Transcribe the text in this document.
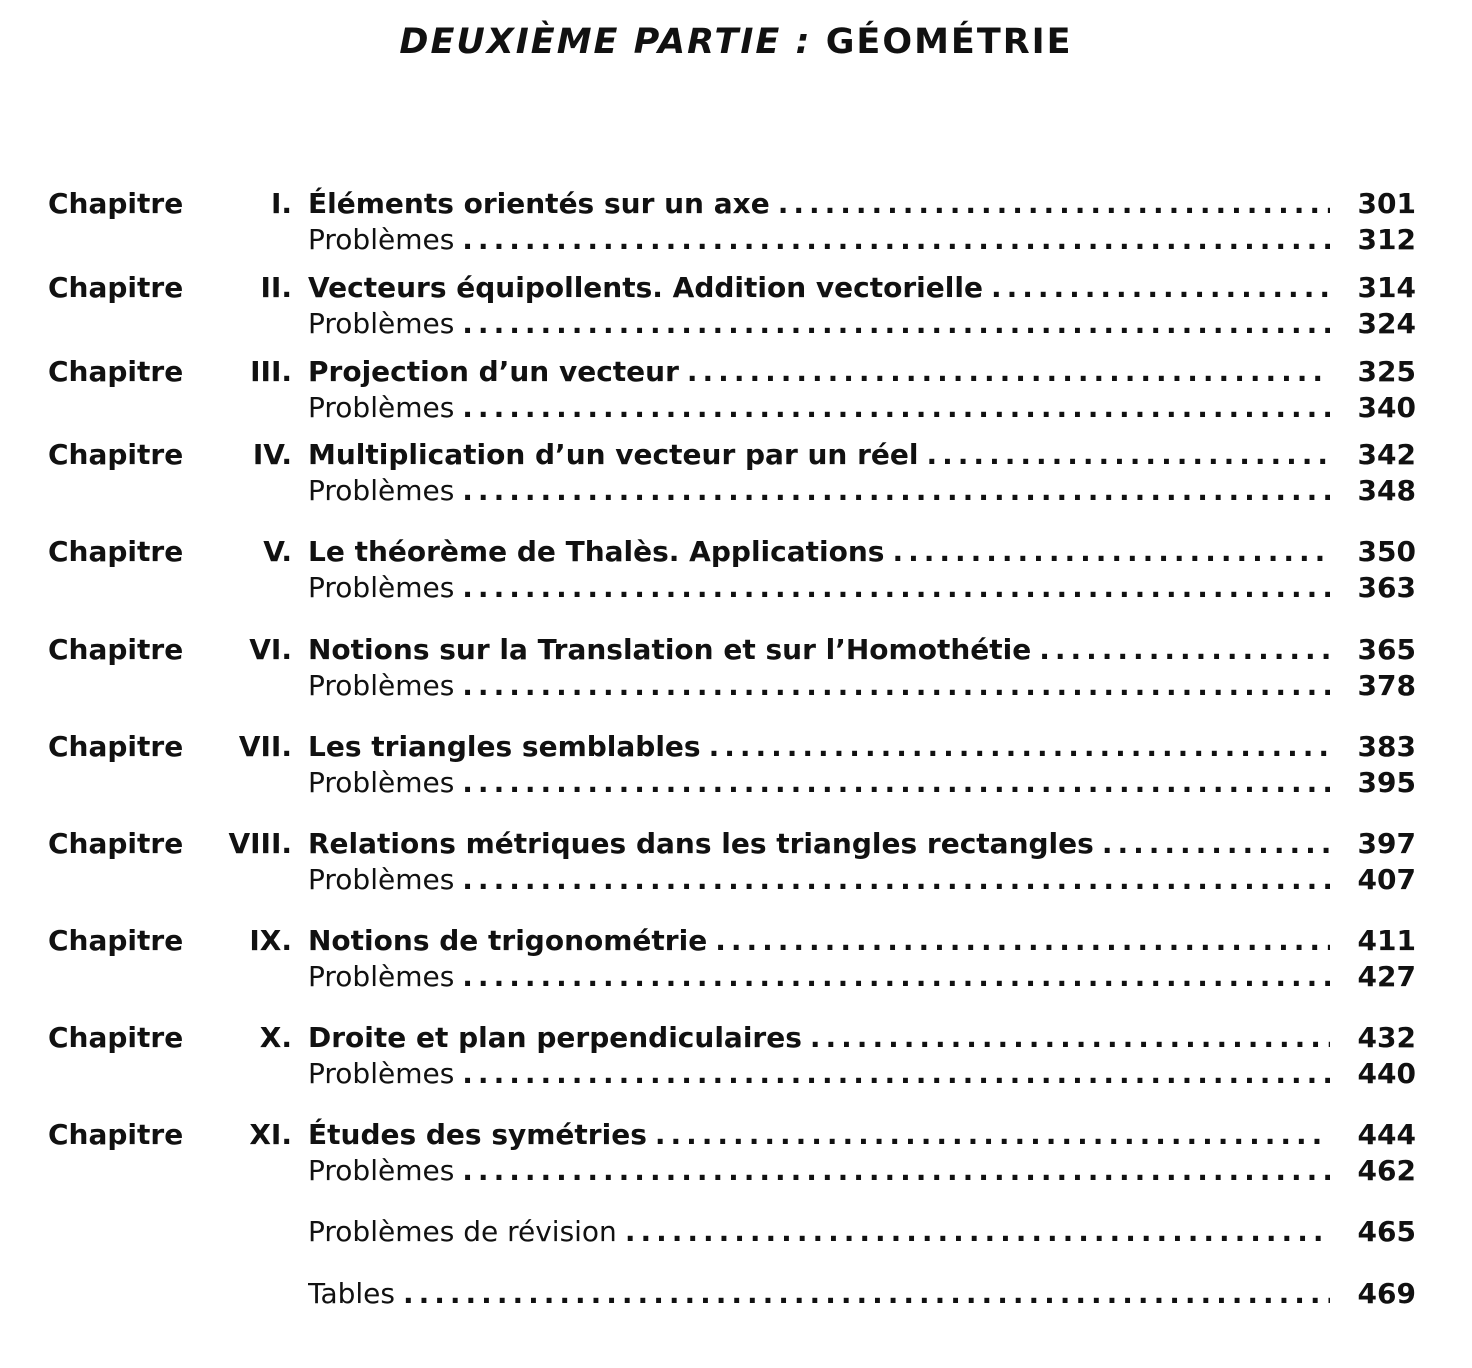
DEUXIÈME PARTIE : GÉOMÉTRIE
Chapitre	I. Éléments orientés sur un axe .....	301
Problèmes .....	312
Chapitre	II. Vecteurs équipollents. Addition vectorielle .....	314
Problèmes .....	324
Chapitre III. Projection d’un vecteur .....	325
Problèmes .....	340
Chapitre IV. Multiplication d’un vecteur par un réel .....	342
Problèmes .....	348
Chapitre	V. Le théorème de Thalès. Applications .....	350
Problèmes .....	363
Chapitre VI. Notions sur la Translation et sur l’Homothétie .....	365
Problèmes .....	378
Chapitre VII. Les triangles semblables .....	383
Problèmes .....	395
Chapitre VIII. Relations métriques dans les triangles rectangles .....	397
Problèmes .....	407
Chapitre IX. Notions de trigonométrie .....	411
Problèmes .....	427
Chapitre	X. Droite et plan perpendiculaires .....	432
Problèmes .....	440
Chapitre XI. Études des symétries .....	444
Problèmes .....	462
Problèmes de révision .....	465
Tables .....	469
